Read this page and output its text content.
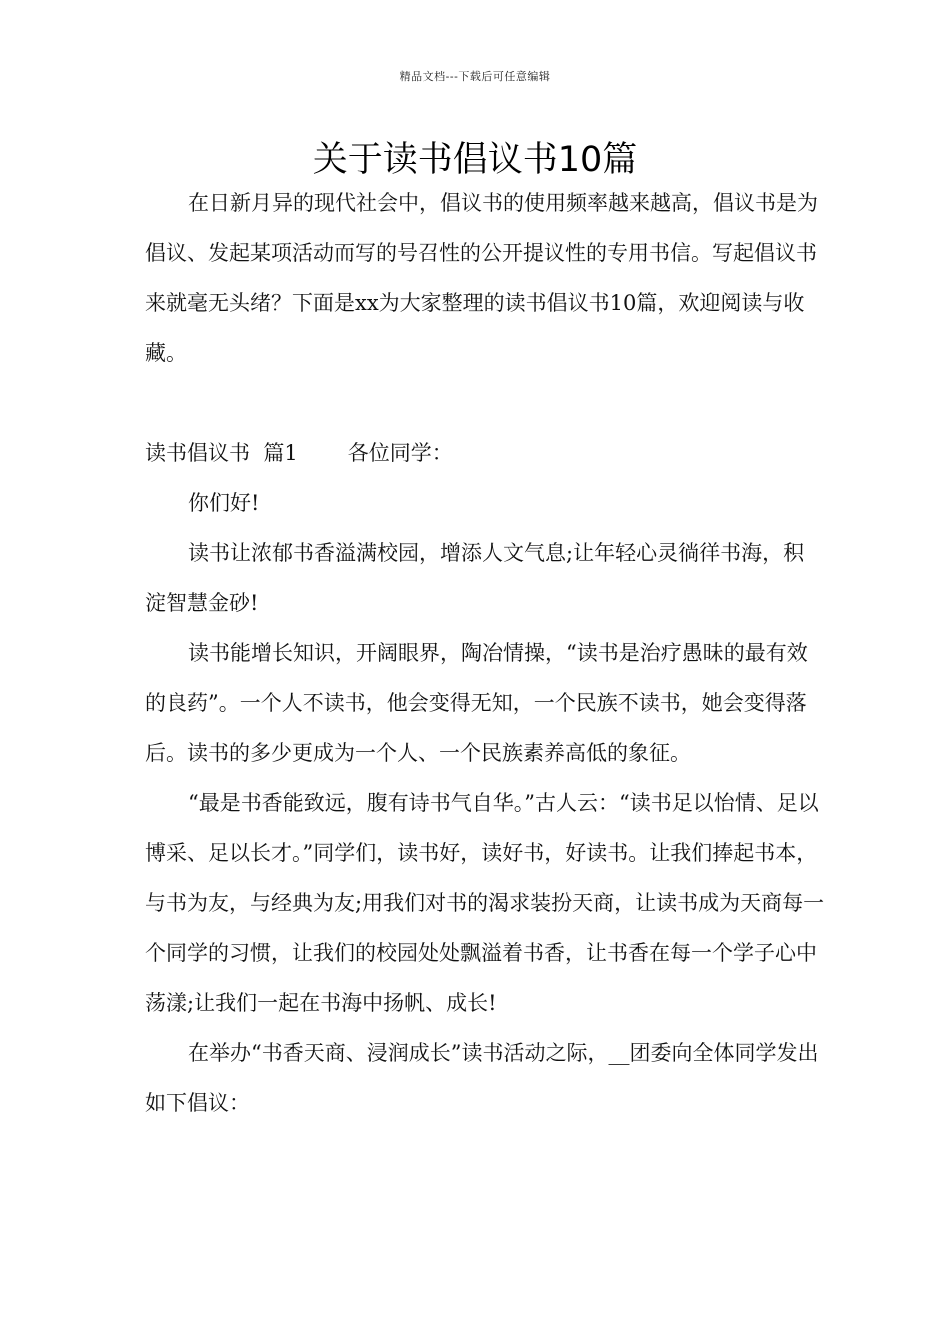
精品文档---下载后可任意编辑
关于读书倡议书10篇

在日新月异的现代社会中，倡议书的使用频率越来越高，倡议书是为倡议、发起某项活动而写的号召性的公开提议性的专用书信。写起倡议书来就毫无头绪？下面是xx为大家整理的读书倡议书10篇，欢迎阅读与收藏。

读书倡议书  篇1 各位同学：

你们好!

读书让浓郁书香溢满校园，增添人文气息;让年轻心灵徜徉书海，积淀智慧金砂!

读书能增长知识，开阔眼界，陶冶情操，“读书是治疗愚昧的最有效的良药”。一个人不读书，他会变得无知，一个民族不读书，她会变得落后。读书的多少更成为一个人、一个民族素养高低的象征。

“最是书香能致远，腹有诗书气自华。”古人云：“读书足以怡情、足以博采、足以长才。”同学们，读书好，读好书，好读书。让我们捧起书本，与书为友，与经典为友;用我们对书的渴求装扮天商，让读书成为天商每一个同学的习惯，让我们的校园处处飘溢着书香，让书香在每一个学子心中荡漾;让我们一起在书海中扬帆、成长!

在举办“书香天商、浸润成长”读书活动之际，__团委向全体同学发出如下倡议：
